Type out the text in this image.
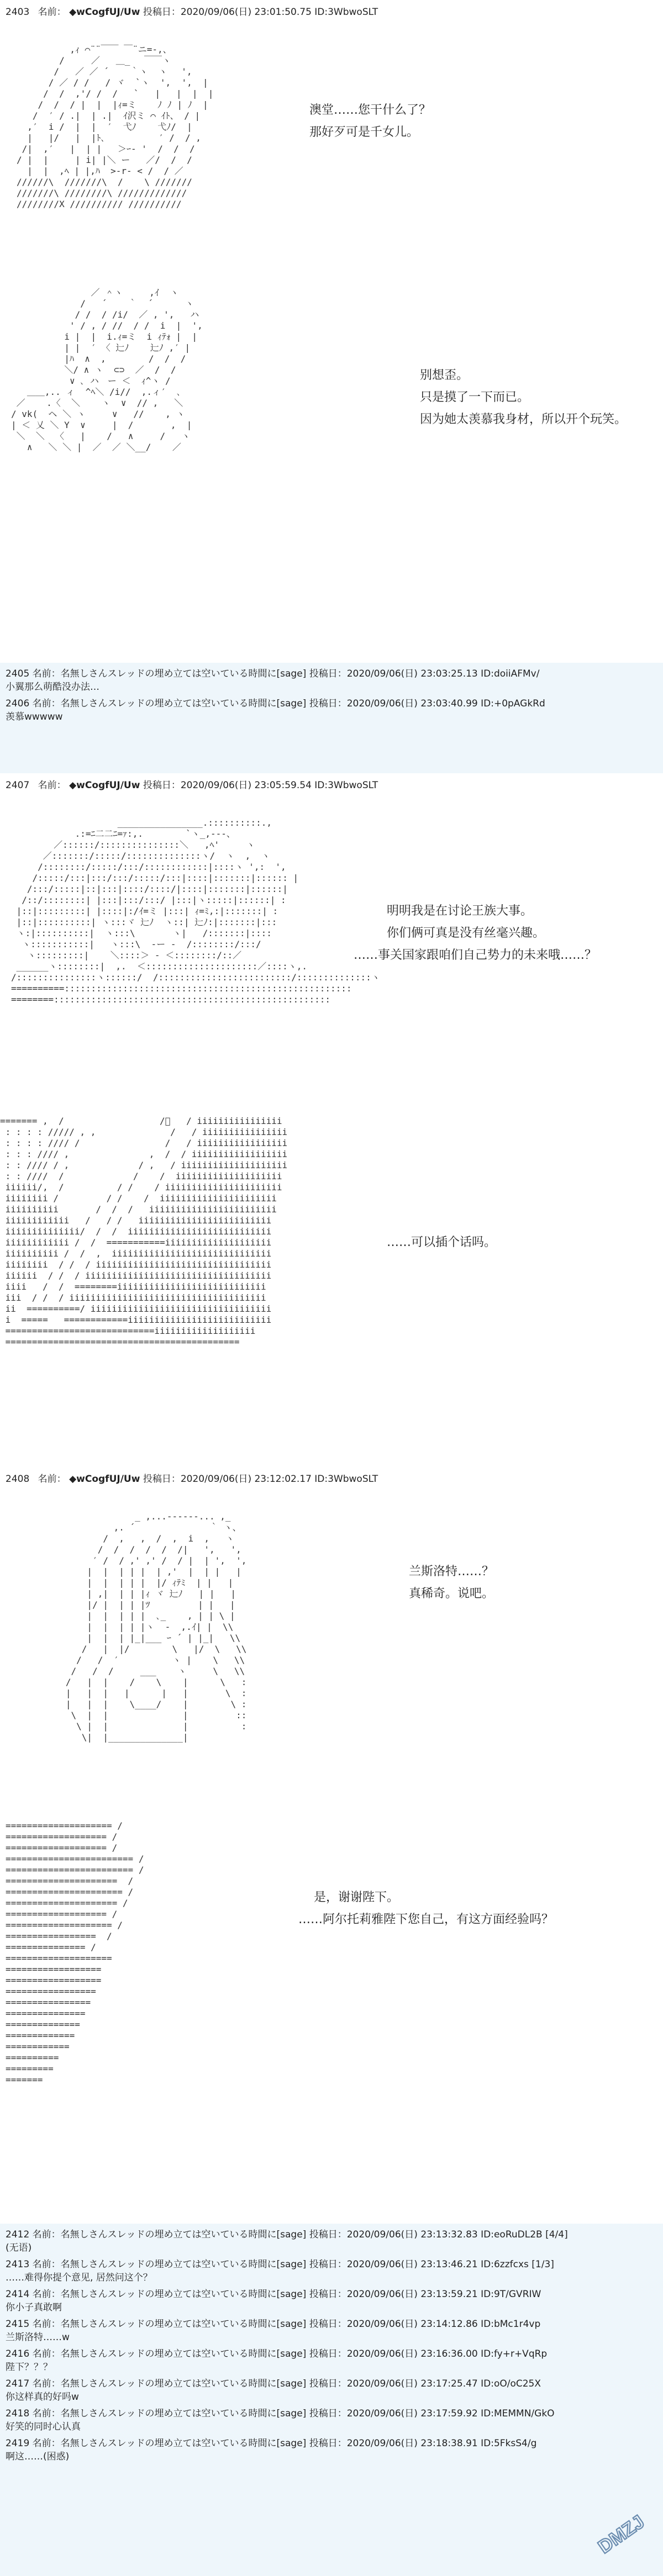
2403 名前： ◆wCogfUJ/Uw 投稿日：2020/09/06(日) 23:01:50.75 ID:3WbwoSLT
,ｨ ⌒¨¨￣￣ ￣¨ニ=-,、
/     ／   ＿_ 　￣￣ヽ
/   ／ ／ ´    ｀ヽ  ヽ　 ',
/ ／ / /   / ヾ  `ヽ  ',  ',  |
/  /  ,'/ /  /   `   |   |  |  |
/  /  / |  |  |ｨ=ミ    ﾉ ﾉ | ﾉ  |
/  ′ / .|  | .|  ｲ沢ミ ⌒ ｲﾄ、 / |
,′  i /  |  |  ′  弋ﾉ    弋ﾉ/  |
|   |/   |  |ﾄ､          ′ /  / ,
/|  ,′   |  | |   ＞ｰ‐ '  /  /  /
/ |  |     | i| |＼ ー   ／/  /  /
|  |  ,ﾍ | |,ﾊ  >-r- < /  / ／
//////\  ///////\  /    \ ///////
///////\ ////////\ /////////////
////////X ////////// //////////
澳堂……您干什么了？
那好歹可是千女儿。
／ ＾ヽ     ,ｲ  ヽ
/   ´    ｀  ´      ヽ
/ /  / /i/  ／ , ',   ハ
' / , / //  / /  i  |  ',
i |  |  i.ｨ=ミ  i ｨﾃｫ |  |
| |  ′ 〈 辷ﾉ    辷ﾉ ,′ |
|ﾊ  ∧  ,        /  /  /
＼/ ∧ ヽ  ⊂⊃  ／  /  /
∨ ､ ハ　ー ＜  ｨ^ヽ /
＿＿,.. ィ  ^ﾍ＼ /i//  ,.ィ′  ､
／    .〈  ＼    ヽ  ∨  // ,   ＼
/ vk(  ヘ ＼ ヽ     ∨   //    , ヽ
| ＜ 乂 ＼ Y  ∨     |  /       ,  |
＼  ＼  〈   |    /   ∧     /   ヽ
∧   ＼ ＼ |  ／  ／ ＼__/    ／
别想歪。
只是摸了一下而已。
因为她太羡慕我身材，所以开个玩笑。
2405 名前：名無しさんスレッドの埋め立ては空いている時間に[sage] 投稿日：2020/09/06(日) 23:03:25.13 ID:doiiAFMv/
小翼那么萌酷没办法…
2406 名前：名無しさんスレッドの埋め立ては空いている時間に[sage] 投稿日：2020/09/06(日) 23:03:40.99 ID:+0pAGkRd
羡慕wwwww
2407 名前： ◆wCogfUJ/Uw 投稿日：2020/09/06(日) 23:05:59.54 ID:3WbwoSLT
________________.::::::::::.,
.:=ﾆ二二ﾆ=ｧ:,.        `ヽ_,‐‐-、
／::::::/:::::::::::::::＼   ,ﾍ'     ヽ
／:::::::/:::::/::::::::::::::ヽ/  ヽ  ,  ヽ
/::::::::/:::::/:::/::::::::::::|::::ヽ ',:  ',
/:::::/:::|:::/:::/:::::/:::|::::|:::::::|:::::: |
/:::/:::::|::|:::|::::/::::/|::::|:::::::|::::::|
/::/::::::::| |:::|:::/:::/ |:::|ヽ:::::|::::::| :
|::|:::::::::| |::::|:/ｲ=ミ |:::| ｨ=ﾐ,:|:::::::| :
|::|::::::::::| ヽ:::ヾ 辷ﾉ  ヽ::| 辷ﾉ:|:::::::|:::
ヽ:|::::::::::|  ヽ:::\       ヽ|   /:::::::|::::
ヽ:::::::::::|   ヽ:::\  ‐ー ‐  /::::::::/:::/
ヽ:::::::::|    ＼::::＞ ‐ ＜::::::::/::／
______ヽ::::::::|  ,.  ＜:::::::::::::::::::::／::::ヽ,.
/:::::::::::::::ヽ::::::/  /:::::::::::::::::::::::::/::::::::::::::ヽ
==========::::::::::::::::::::::::::::::::::::::::::::::::::::::
========::::::::::::::::::::::::::::::::::::::::::::::::::::
明明我是在讨论王族大事。
你们俩可真是没有丝毫兴趣。
……事关国家跟咱们自己势力的未来哦……？
======= ,  /                  /ﾞ   / iiiiiiiiiiiiiiii
: : : : ///// , ,              /   / iiiiiiiiiiiiiiii
: : : : //// /                /   / iiiiiiiiiiiiiiiii
: : : //// ,               ,  /  / iiiiiiiiiiiiiiiiii
: : //// / ,             / ,   / iiiiiiiiiiiiiiiiiiii
: : ////  /             /    /  iiiiiiiiiiiiiiiiiiii
iiiiii/,  /          / /    / iiiiiiiiiiiiiiiiiiiiii
iiiiiiii /         / /    /  iiiiiiiiiiiiiiiiiiiiii
iiiiiiiiii       /  /  /   iiiiiiiiiiiiiiiiiiiiiiii
iiiiiiiiiiii   /   / /   iiiiiiiiiiiiiiiiiiiiiiiii
iiiiiiiiiiiiii/  /  /  iiiiiiiiiiiiiiiiiiiiiiiiiii
iiiiiiiiiiii /  /  ===========iiiiiiiiiiiiiiiiiiii
iiiiiiiiii /  /  ,  iiiiiiiiiiiiiiiiiiiiiiiiiiiiii
iiiiiiii  / /  / iiiiiiiiiiiiiiiiiiiiiiiiiiiiiiiii
iiiiii  / /  / iiiiiiiiiiiiiiiiiiiiiiiiiiiiiiiiiii
iiii   /  /  ========iiiiiiiiiiiiiiiiiiiiiiiiiiii
iii  / /  / iiiiiiiiiiiiiiiiiiiiiiiiiiiiiiiiiiiii
ii  ==========/ iiiiiiiiiiiiiiiiiiiiiiiiiiiiiiiiii
i  =====   ============iiiiiiiiiiiiiiiiiiiiiiiiiii
============================iiiiiiiiiiiiiiiiiii
============================================
……可以插个话吗。
2408 名前： ◆wCogfUJ/Uw 投稿日：2020/09/06(日) 23:12:02.17 ID:3WbwoSLT
_ ,...------... ,_
,. ´              ｀ ヽ、
/  ,   ,  /  ,  i  ,   ヽ
/  /  /  /  /  /|   ',   ',
′ /  / ,' ,' /  / |  | ',  ',
|  |  | | |  | ,'  |  | |   |
|  |  | | |  |/ ｨﾃﾐ  | |   |
| ,|  | | |ｨ ヾ 辷ﾉ   | |   |
|/ |  | | |ﾂ         | |   |
|  |  | | |  ､_    , | | \ |
|  |  | | |ヽ  ‐  ,.ｲ| |  \\
|  |  | |_|___ ｰ ´ | |_|   \\
/   |  |/        \   |/  \   \\
/   /  ′          ヽ |    \   \\
/   /  /     ___    ヽ     \   \\
/   |  |    /    \    |      \   :
|   |  |   |      |   |       \  :
|   |  |    \____/    |        \ :
\  |  |              |         ::
\ |  |              |          :
\|  |______________|
兰斯洛特……？
真稀奇。说吧。
==================== /
=================== /
=================== /
======================== /
======================== /
=====================  /
====================== /
===================== /
=================== /
==================== /
=================  /
=============== /
====================
==================
==================
=================
================
===============
==============
=============
============
==========
=========
=======
是，谢谢陛下。
……阿尔托莉雅陛下您自己，有这方面经验吗？
2412 名前：名無しさんスレッドの埋め立ては空いている時間に[sage] 投稿日：2020/09/06(日) 23:13:32.83 ID:eoRuDL2B [4/4]
(无语)
2413 名前：名無しさんスレッドの埋め立ては空いている時間に[sage] 投稿日：2020/09/06(日) 23:13:46.21 ID:6zzfcxs [1/3]
……难得你提个意见, 居然问这个？
2414 名前：名無しさんスレッドの埋め立ては空いている時間に[sage] 投稿日：2020/09/06(日) 23:13:59.21 ID:9T/GVRIW
你小子真敢啊
2415 名前：名無しさんスレッドの埋め立ては空いている時間に[sage] 投稿日：2020/09/06(日) 23:14:12.86 ID:bMc1r4vp
兰斯洛特……w
2416 名前：名無しさんスレッドの埋め立ては空いている時間に[sage] 投稿日：2020/09/06(日) 23:16:36.00 ID:fy+r+VqRp
陛下？？？
2417 名前：名無しさんスレッドの埋め立ては空いている時間に[sage] 投稿日：2020/09/06(日) 23:17:25.47 ID:oO/oC25X
你这样真的好吗w
2418 名前：名無しさんスレッドの埋め立ては空いている時間に[sage] 投稿日：2020/09/06(日) 23:17:59.92 ID:MEMMN/GkO
好笑的同时心认真
2419 名前：名無しさんスレッドの埋め立ては空いている時間に[sage] 投稿日：2020/09/06(日) 23:18:38.91 ID:5FksS4/g
啊这……(困惑)
DMZJ
